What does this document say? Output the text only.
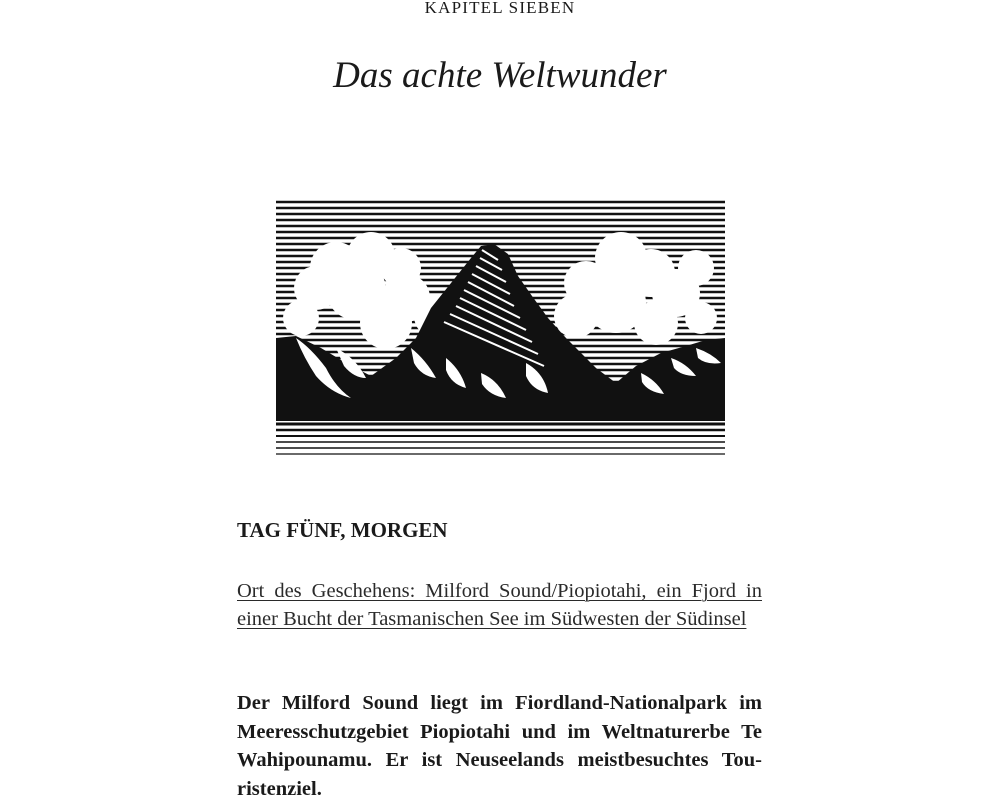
KAPITEL SIEBEN

Das achte Weltwunder
TAG FÜNF, MORGEN

Ort des Geschehens: Milford Sound/Piopiotahi, ein Fjord in einer Bucht der Tasmanischen See im Südwesten der Südinsel

Der Milford Sound liegt im Fiordland-Nationalpark im Meeresschutzgebiet Piopiotahi und im Weltnaturerbe Te Wahipounamu. Er ist Neuseelands meistbesuchtes Touristenziel.
